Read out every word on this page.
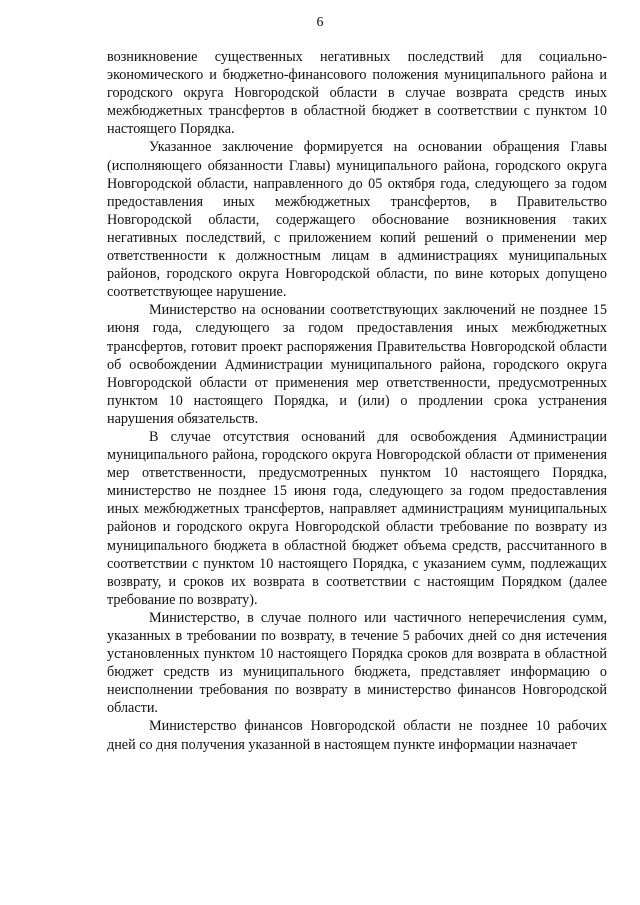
6

возникновение существенных негативных последствий для социально-экономического и бюджетно-финансового положения муниципального района и городского округа Новгородской области в случае возврата средств иных межбюджетных трансфертов в областной бюджет в соответствии с пунктом 10 настоящего Порядка.

Указанное заключение формируется на основании обращения Главы (исполняющего обязанности Главы) муниципального района, городского округа Новгородской области, направленного до 05 октября года, следующего за годом предоставления иных межбюджетных трансфертов, в Правительство Новгородской области, содержащего обоснование возникновения таких негативных последствий, с приложением копий решений о применении мер ответственности к должностным лицам в администрациях муниципальных районов, городского округа Новгородской области, по вине которых допущено соответствующее нарушение.

Министерство на основании соответствующих заключений не позднее 15 июня года, следующего за годом предоставления иных межбюджетных трансфертов, готовит проект распоряжения Правительства Новгородской области об освобождении Администрации муниципального района, городского округа Новгородской области от применения мер ответственности, предусмотренных пунктом 10 настоящего Порядка, и (или) о продлении срока устранения нарушения обязательств.

В случае отсутствия оснований для освобождения Администрации муниципального района, городского округа Новгородской области от применения мер ответственности, предусмотренных пунктом 10 настоящего Порядка, министерство не позднее 15 июня года, следующего за годом предоставления иных межбюджетных трансфертов, направляет администрациям муниципальных районов и городского округа Новгородской области требование по возврату из муниципального бюджета в областной бюджет объема средств, рассчитанного в соответствии с пунктом 10 настоящего Порядка, с указанием сумм, подлежащих возврату, и сроков их возврата в соответствии с настоящим Порядком (далее требование по возврату).

Министерство, в случае полного или частичного неперечисления сумм, указанных в требовании по возврату, в течение 5 рабочих дней со дня истечения установленных пунктом 10 настоящего Порядка сроков для возврата в областной бюджет средств из муниципального бюджета, представляет информацию о неисполнении требования по возврату в министерство финансов Новгородской области.

Министерство финансов Новгородской области не позднее 10 рабочих дней со дня получения указанной в настоящем пункте информации назначает
